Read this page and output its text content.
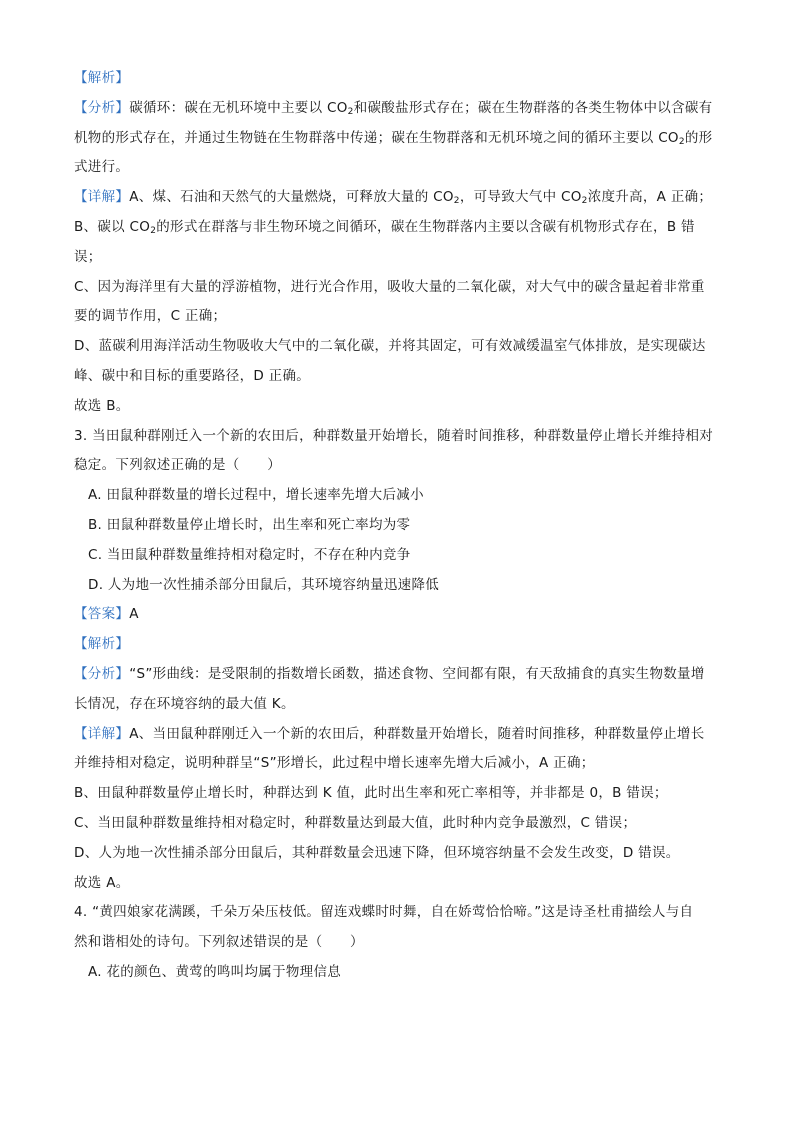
【解析】

【分析】碳循环：碳在无机环境中主要以 $CO_2$和碳酸盐形式存在；碳在生物群落的各类生物体中以含碳有

机物的形式存在，并通过生物链在生物群落中传递；碳在生物群落和无机环境之间的循环主要以 $CO_2$的形

式进行。

【详解】A、煤、石油和天然气的大量燃烧，可释放大量的 $CO_2$，可导致大气中 $CO_2$浓度升高，A 正确；

B、碳以 $CO_2$的形式在群落与非生物环境之间循环，碳在生物群落内主要以含碳有机物形式存在，B 错

误；

C、因为海洋里有大量的浮游植物，进行光合作用，吸收大量的二氧化碳，对大气中的碳含量起着非常重

要的调节作用，C 正确；

D、蓝碳利用海洋活动生物吸收大气中的二氧化碳，并将其固定，可有效减缓温室气体排放，是实现碳达

峰、碳中和目标的重要路径，D 正确。

故选 B。

3. 当田鼠种群刚迁入一个新的农田后，种群数量开始增长，随着时间推移，种群数量停止增长并维持相对

稳定。下列叙述正确的是（　　）

A. 田鼠种群数量的增长过程中，增长速率先增大后减小

B. 田鼠种群数量停止增长时，出生率和死亡率均为零

C. 当田鼠种群数量维持相对稳定时，不存在种内竞争

D. 人为地一次性捕杀部分田鼠后，其环境容纳量迅速降低

【答案】A

【解析】

【分析】“S”形曲线：是受限制的指数增长函数，描述食物、空间都有限，有天敌捕食的真实生物数量增

长情况，存在环境容纳的最大值 K。

【详解】A、当田鼠种群刚迁入一个新的农田后，种群数量开始增长，随着时间推移，种群数量停止增长

并维持相对稳定，说明种群呈“S”形增长，此过程中增长速率先增大后减小，A 正确；

B、田鼠种群数量停止增长时，种群达到 K 值，此时出生率和死亡率相等，并非都是 0，B 错误；

C、当田鼠种群数量维持相对稳定时，种群数量达到最大值，此时种内竞争最激烈，C 错误；

D、人为地一次性捕杀部分田鼠后，其种群数量会迅速下降，但环境容纳量不会发生改变，D 错误。

故选 A。

4. “黄四娘家花满蹊，千朵万朵压枝低。留连戏蝶时时舞，自在娇莺恰恰啼。”这是诗圣杜甫描绘人与自

然和谐相处的诗句。下列叙述错误的是（　　）

A. 花的颜色、黄莺的鸣叫均属于物理信息
